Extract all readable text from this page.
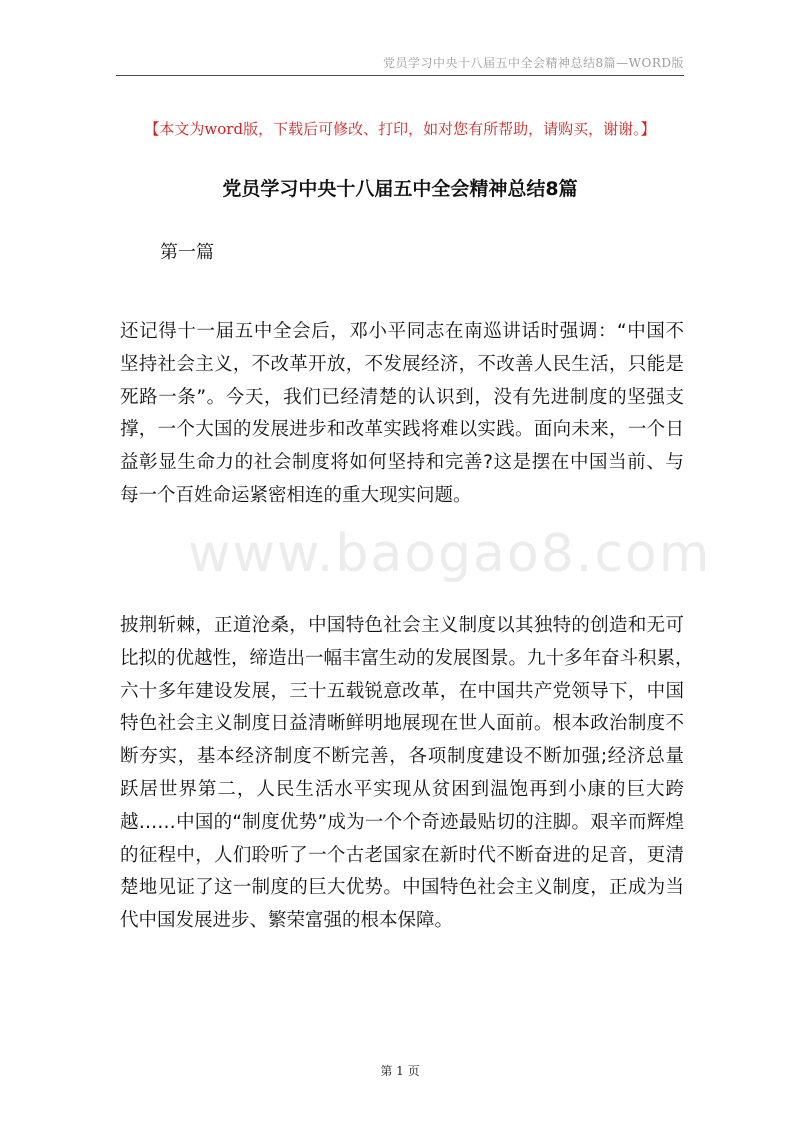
党员学习中央十八届五中全会精神总结8篇—WORD版
【本文为word版，下载后可修改、打印，如对您有所帮助，请购买，谢谢。】
党员学习中央十八届五中全会精神总结8篇
第一篇
还记得十一届五中全会后，邓小平同志在南巡讲话时强调：“中国不
坚持社会主义，不改革开放，不发展经济，不改善人民生活，只能是
死路一条”。今天，我们已经清楚的认识到，没有先进制度的坚强支
撑，一个大国的发展进步和改革实践将难以实践。面向未来，一个日
益彰显生命力的社会制度将如何坚持和完善?这是摆在中国当前、与
每一个百姓命运紧密相连的重大现实问题。
www.baogao8.com
披荆斩棘，正道沧桑，中国特色社会主义制度以其独特的创造和无可
比拟的优越性，缔造出一幅丰富生动的发展图景。九十多年奋斗积累，
六十多年建设发展，三十五载锐意改革，在中国共产党领导下，中国
特色社会主义制度日益清晰鲜明地展现在世人面前。根本政治制度不
断夯实，基本经济制度不断完善，各项制度建设不断加强;经济总量
跃居世界第二，人民生活水平实现从贫困到温饱再到小康的巨大跨
越……中国的“制度优势”成为一个个奇迹最贴切的注脚。艰辛而辉煌
的征程中，人们聆听了一个古老国家在新时代不断奋进的足音，更清
楚地见证了这一制度的巨大优势。中国特色社会主义制度，正成为当
代中国发展进步、繁荣富强的根本保障。
第 1 页
